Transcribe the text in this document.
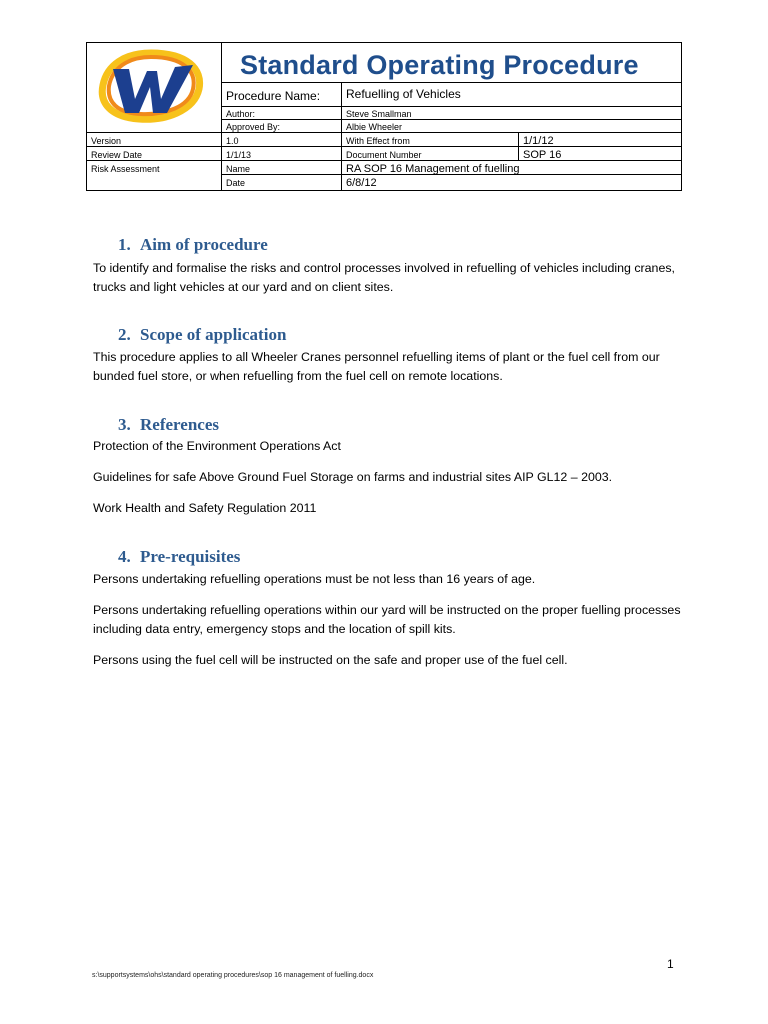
Procedure Name: Refuelling of Vehicles
Author:	Steve Smallman
Approved By:	Albie Wheeler
Version	1.0	With Effect from	1/1/12
Review Date	1/1/13	Document Number	SOP 16
Risk Assessment	Name	RA SOP 16 Management of fuelling
Date	6/8/12
Standard Operating Procedure
1. Aim of procedure

To identify and formalise the risks and control processes involved in refuelling of vehicles including cranes, trucks and light vehicles at our yard and on client sites.

2. Scope of application

This procedure applies to all Wheeler Cranes personnel refuelling items of plant or the fuel cell from our bunded fuel store, or when refuelling from the fuel cell on remote locations.

3. References

Protection of the Environment Operations Act

Guidelines for safe Above Ground Fuel Storage on farms and industrial sites AIP GL12 – 2003.

Work Health and Safety Regulation 2011

4. Pre-requisites

Persons undertaking refuelling operations must be not less than 16 years of age.

Persons undertaking refuelling operations within our yard will be instructed on the proper fuelling processes including data entry, emergency stops and the location of spill kits.

Persons using the fuel cell will be instructed on the safe and proper use of the fuel cell.

1
s:\supportsystems\ohs\standard operating procedures\sop 16 management of fuelling.docx
